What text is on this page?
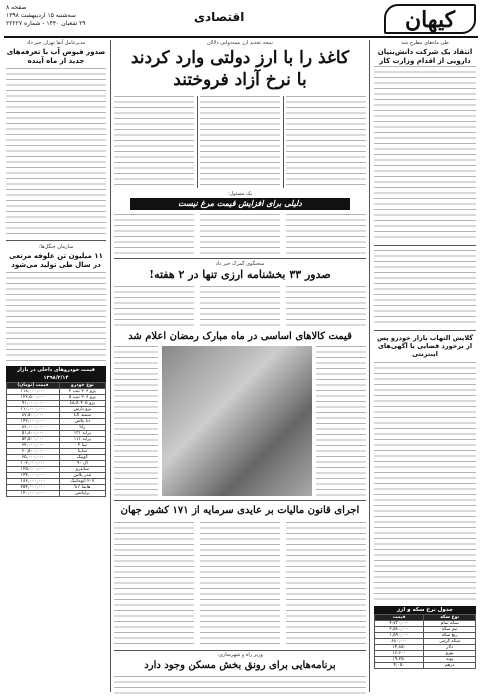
کیهان
اقتصادی
صفحه ۸
سه‌شنبه ۱۵ اردیبهشت ۱۳۹۸
۲۹ شعبان ۱۴۴۰ - شماره ۲۲۲۲۷
طی ماه‌های مطرح شد
انتقاد یک شرکت دانش‌بنیان دارویی از اقدام وزارت کار
گلایش التهاب بازار خودرو پس از برخورد قضایی با آگهی‌های اینترنتی
جدول نرخ سکه و ارز
نوع سکه	قیمت
سکه تمام	۴,۷۳۰,۰۰۰
نیم سکه	۲,۵۸۰,۰۰۰
ربع سکه	۱,۵۹۰,۰۰۰
سکه گرمی	۸۸۰,۰۰۰
دلار	۱۴,۸۵۰
یورو	۱۶,۶۰۰
پوند	۱۹,۲۵۰
درهم	۴,۰۵۰
مدیرعامل آبفا تهران خبر داد
صدور قبوض آب با تعرفه‌های جدید از ماه آینده
سازمان جنگل‌ها:
۱۱ میلیون تن علوفه مرتعی در سال طی تولید می‌شود
قیمت خودروهای داخلی در بازار ۱۳۹۸/۲/۱۴
نوع خودرو	قیمت (تومان)
پژو ۲۰۶ تیپ ۲	۱۱۸,۰۰۰,۰۰۰
پژو ۲۰۶ تیپ ۵	۱۲۶,۵۰۰,۰۰۰
پژو ۴۰۵ GLX	۹۱,۰۰۰,۰۰۰
پژو پارس	۱۱۰,۰۰۰,۰۰۰
سمند LX	۸۷,۵۰۰,۰۰۰
دنا پلاس	۱۴۲,۰۰۰,۰۰۰
رانا	۸۶,۰۰۰,۰۰۰
پراید ۱۳۱	۵۱,۸۰۰,۰۰۰
پراید ۱۱۱	۵۳,۵۰۰,۰۰۰
تیبا ۲	۶۲,۰۰۰,۰۰۰
ساینا	۶۰,۵۰۰,۰۰۰
کوییک	۶۵,۰۰۰,۰۰۰
ال ۹۰	۱۰۲,۰۰۰,۰۰۰
ساندرو	۱۲۵,۰۰۰,۰۰۰
تندر پلاس	۱۴۴,۰۰۰,۰۰۰
۲۰۷ اتوماتیک	۱۸۶,۰۰۰,۰۰۰
هایما S7	۲۵۴,۰۰۰,۰۰۰
برلیانس	۱۲۰,۰۰۰,۰۰۰
نتیجه تجدید ارز نیمه‌دولتی دلالان
کاغذ را با ارز دولتی وارد کردند
با نرخ آزاد فروختند
یک مسئول:
دلیلی برای افزایش قیمت مرغ نیست
سخنگوی گمرک خبر داد
صدور ۳۳ بخشنامه ارزی تنها در ۲ هفته!
قیمت کالاهای اساسی در ماه مبارک رمضان اعلام شد
اجرای قانون مالیات بر عایدی سرمایه از ۱۷۱ کشور جهان
وزیر راه و شهرسازی:
برنامه‌هایی برای رونق بخش مسکن وجود دارد
